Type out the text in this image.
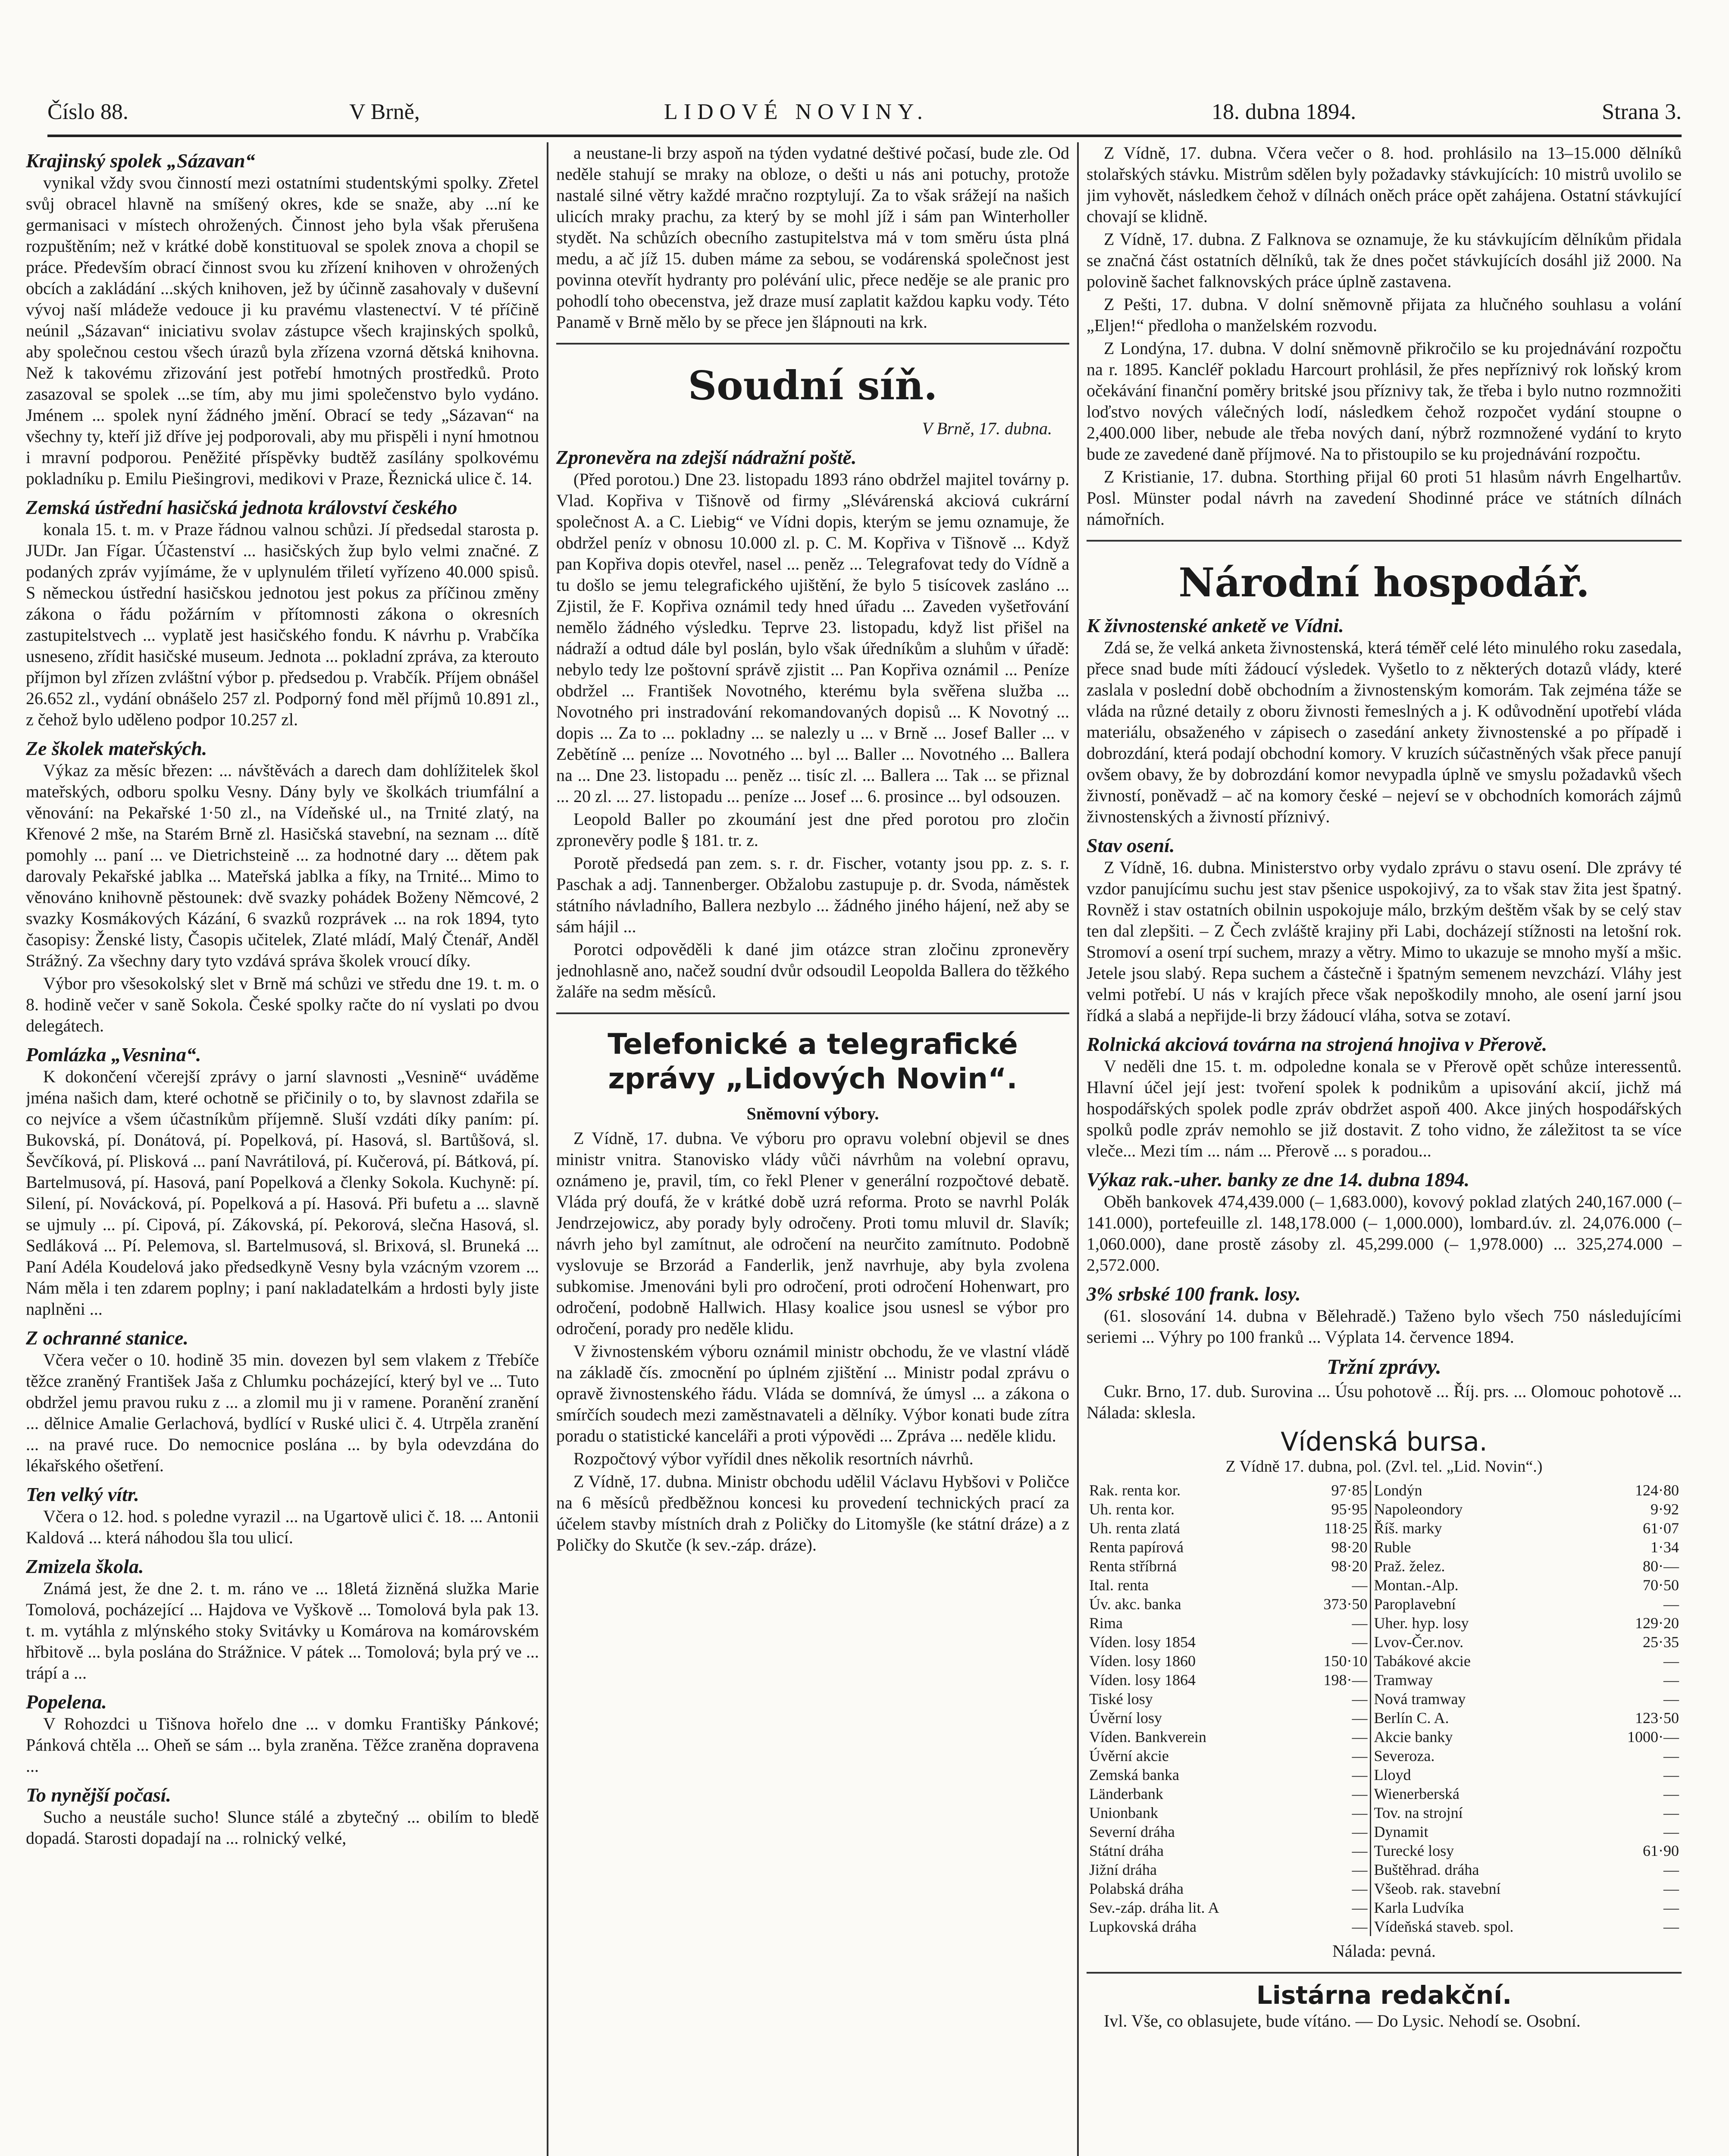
Číslo 88.	V Brně,	LIDOVÉ NOVINY.	18. dubna 1894.	Strana 3.
Krajinský spolek „Sázavan“

vynikal vždy svou činností mezi ostatními studentskými spolky. Zřetel svůj obracel hlavně na smíšený okres, kde se snaže, aby ...ní ke germanisaci v místech ohrožených. Činnost jeho byla však přerušena rozpuštěním; než v krátké době konstituoval se spolek znova a chopil se práce. Především obrací činnost svou ku zřízení knihoven v ohrožených obcích a zakládání ...ských knihoven, jež by účinně zasahovaly v duševní vývoj naší mládeže vedouce ji ku pravému vlastenectví. V té příčině neúnil „Sázavan“ iniciativu svolav zástupce všech krajinských spolků, aby společnou cestou všech úrazů byla zřízena vzorná dětská knihovna. Než k takovému zřizování jest potřebí hmotných prostředků. Proto zasazoval se spolek ...se tím, aby mu jimi společenstvo bylo vydáno. Jménem ... spolek nyní žádného jmění. Obrací se tedy „Sázavan“ na všechny ty, kteří již dříve jej podporovali, aby mu přispěli i nyní hmotnou i mravní podporou. Peněžité příspěvky budtěž zasílány spolkovému pokladníku p. Emilu Piešingrovi, medikovi v Praze, Řeznická ulice č. 14.

Zemská ústřední hasičská jednota království českého

konala 15. t. m. v Praze řádnou valnou schůzi. Jí předsedal starosta p. JUDr. Jan Fígar. Účastenství ... hasičských žup bylo velmi značné. Z podaných zpráv vyjímáme, že v uplynulém třiletí vyřízeno 40.000 spisů. S německou ústřední hasičskou jednotou jest pokus za příčinou změny zákona o řádu požárním v přítomnosti zákona o okresních zastupitelstvech ... vyplatě jest hasičského fondu. K návrhu p. Vrabčíka usneseno, zřídit hasičské museum. Jednota ... pokladní zpráva, za kterouto příjmon byl zřízen zvláštní výbor p. předsedou p. Vrabčík. Příjem obnášel 26.652 zl., vydání obnášelo 257 zl. Podporný fond měl příjmů 10.891 zl., z čehož bylo uděleno podpor 10.257 zl.

Ze školek mateřských.

Výkaz za měsíc březen: ... návštěvách a darech dam dohlížitelek škol mateřských, odboru spolku Vesny. Dány byly ve školkách triumfální a věnování: na Pekařské 1·50 zl., na Vídeňské ul., na Trnité zlatý, na Křenové 2 mše, na Starém Brně zl. Hasičská stavební, na seznam ... dítě pomohly ... paní ... ve Dietrichsteině ... za hodnotné dary ... dětem pak darovaly Pekařské jablka ... Mateřská jablka a fíky, na Trnité... Mimo to věnováno knihovně pěstounek: dvě svazky pohádek Boženy Němcové, 2 svazky Kosmákových Kázání, 6 svazků rozprávek ... na rok 1894, tyto časopisy: Ženské listy, Časopis učitelek, Zlaté mládí, Malý Čtenář, Anděl Strážný. Za všechny dary tyto vzdává správa školek vroucí díky.

Výbor pro všesokolský slet v Brně má schůzi ve středu dne 19. t. m. o 8. hodině večer v saně Sokola. České spolky račte do ní vyslati po dvou delegátech.

Pomlázka „Vesnina“.

K dokončení včerejší zprávy o jarní slavnosti „Vesnině“ uváděme jména našich dam, které ochotně se přičinily o to, by slavnost zdařila se co nejvíce a všem účastníkům příjemně. Sluší vzdáti díky paním: pí. Bukovská, pí. Donátová, pí. Popelková, pí. Hasová, sl. Bartůšová, sl. Ševčíková, pí. Plisková ... paní Navrátilová, pí. Kučerová, pí. Bátková, pí. Bartelmusová, pí. Hasová, paní Popelková a členky Sokola. Kuchyně: pí. Silení, pí. Novácková, pí. Popelková a pí. Hasová. Při bufetu a ... slavně se ujmuly ... pí. Cipová, pí. Zákovská, pí. Pekorová, slečna Hasová, sl. Sedláková ... Pí. Pelemova, sl. Bartelmusová, sl. Brixová, sl. Bruneká ... Paní Adéla Koudelová jako předsedkyně Vesny byla vzácným vzorem ... Nám měla i ten zdarem poplny; i paní nakladatelkám a hrdosti byly jiste naplněni ...

Z ochranné stanice.

Včera večer o 10. hodině 35 min. dovezen byl sem vlakem z Třebíče těžce zraněný František Jaša z Chlumku pocházející, který byl ve ... Tuto obdržel jemu pravou ruku z ... a zlomil mu ji v ramene. Poranění zranění ... dělnice Amalie Gerlachová, bydlící v Ruské ulici č. 4. Utrpěla zranění ... na pravé ruce. Do nemocnice poslána ... by byla odevzdána do lékařského ošetření.

Ten velký vítr.

Včera o 12. hod. s poledne vyrazil ... na Ugartově ulici č. 18. ... Antonii Kaldová ... která náhodou šla tou ulicí.

Zmizela škola.

Známá jest, že dne 2. t. m. ráno ve ... 18letá žizněná služka Marie Tomolová, pocházející ... Hajdova ve Vyškově ... Tomolová byla pak 13. t. m. vytáhla z mlýnského stoky Svitávky u Komárova na komárovském hřbitově ... byla poslána do Strážnice. V pátek ... Tomolová; byla prý ve ... trápí a ...

Popelena.

V Rohozdci u Tišnova hořelo dne ... v domku Františky Pánkové; Pánková chtěla ... Oheň se sám ... byla zraněna. Těžce zraněna dopravena ...

To nynější počasí.

Sucho a neustále sucho! Slunce stálé a zbytečný ... obilím to bledě dopadá. Starosti dopadají na ... rolnický velké,

a neustane-li brzy aspoň na týden vydatné deštivé počasí, bude zle. Od neděle stahují se mraky na obloze, o dešti u nás ani potuchy, protože nastalé silné větry každé mračno rozptylují. Za to však srážejí na našich ulicích mraky prachu, za který by se mohl jíž i sám pan Winterholler stydět. Na schůzích obecního zastupitelstva má v tom směru ústa plná medu, a ač jíž 15. duben máme za sebou, se vodárenská společnost jest povinna otevřít hydranty pro polévání ulic, přece neděje se ale pranic pro pohodlí toho obecenstva, jež draze musí zaplatit každou kapku vody. Této Panamě v Brně mělo by se přece jen šlápnouti na krk.

Soudní síň.
V Brně, 17. dubna.
Zpronevěra na zdejší nádražní poště.

(Před porotou.) Dne 23. listopadu 1893 ráno obdržel majitel továrny p. Vlad. Kopřiva v Tišnově od firmy „Slévárenská akciová cukrární společnost A. a C. Liebig“ ve Vídni dopis, kterým se jemu oznamuje, že obdržel peníz v obnosu 10.000 zl. p. C. M. Kopřiva v Tišnově ... Když pan Kopřiva dopis otevřel, nasel ... peněz ... Telegrafovat tedy do Vídně a tu došlo se jemu telegrafického ujištění, že bylo 5 tisícovek zasláno ... Zjistil, že F. Kopřiva oznámil tedy hned úřadu ... Zaveden vyšetřování nemělo žádného výsledku. Teprve 23. listopadu, když list přišel na nádraží a odtud dále byl poslán, bylo však úředníkům a sluhům v úřadě: nebylo tedy lze poštovní správě zjistit ... Pan Kopřiva oznámil ... Peníze obdržel ... František Novotného, kterému byla svěřena služba ... Novotného pri instradování rekomandovaných dopisů ... K Novotný ... dopis ... Za to ... pokladny ... se nalezly u ... v Brně ... Josef Baller ... v Zebětíně ... peníze ... Novotného ... byl ... Baller ... Novotného ... Ballera na ... Dne 23. listopadu ... peněz ... tisíc zl. ... Ballera ... Tak ... se přiznal ... 20 zl. ... 27. listopadu ... peníze ... Josef ... 6. prosince ... byl odsouzen.

Leopold Baller po zkoumání jest dne před porotou pro zločin zpronevěry podle § 181. tr. z.

Porotě předsedá pan zem. s. r. dr. Fischer, votanty jsou pp. z. s. r. Paschak a adj. Tannenberger. Obžalobu zastupuje p. dr. Svoda, náměstek státního návladního, Ballera nezbylo ... žádného jiného hájení, než aby se sám hájil ...

Porotci odpověděli k dané jim otázce stran zločinu zpronevěry jednohlasně ano, načež soudní dvůr odsoudil Leopolda Ballera do těžkého žaláře na sedm měsíců.

Telefonické a telegrafické zprávy „Lidových Novin“.
Sněmovní výbory.

Z Vídně, 17. dubna. Ve výboru pro opravu volební objevil se dnes ministr vnitra. Stanovisko vlády vůči návrhům na volební opravu, oznámeno je, pravil, tím, co řekl Plener v generální rozpočtové debatě. Vláda prý doufá, že v krátké době uzrá reforma. Proto se navrhl Polák Jendrzejowicz, aby porady byly odročeny. Proti tomu mluvil dr. Slavík; návrh jeho byl zamítnut, ale odročení na neurčito zamítnuto. Podobně vyslovuje se Brzorád a Fanderlik, jenž navrhuje, aby byla zvolena subkomise. Jmenováni byli pro odročení, proti odročení Hohenwart, pro odročení, podobně Hallwich. Hlasy koalice jsou usnesl se výbor pro odročení, porady pro neděle klidu.

V živnostenském výboru oznámil ministr obchodu, že ve vlastní vládě na základě čís. zmocnění po úplném zjištění ... Ministr podal zprávu o opravě živnostenského řádu. Vláda se domnívá, že úmysl ... a zákona o smírčích soudech mezi zaměstnavateli a dělníky. Výbor konati bude zítra poradu o statistické kanceláři a proti výpovědi ... Zpráva ... neděle klidu.

Rozpočtový výbor vyřídil dnes několik resortních návrhů.

Z Vídně, 17. dubna. Ministr obchodu udělil Václavu Hybšovi v Poličce na 6 měsíců předběžnou koncesi ku provedení technických prací za účelem stavby místních drah z Poličky do Litomyšle (ke státní dráze) a z Poličky do Skutče (k sev.-záp. dráze).

Z Vídně, 17. dubna. Včera večer o 8. hod. prohlásilo na 13–15.000 dělníků stolařských stávku. Mistrům sdělen byly požadavky stávkujících: 10 mistrů uvolilo se jim vyhovět, následkem čehož v dílnách oněch práce opět zahájena. Ostatní stávkující chovají se klidně.

Z Vídně, 17. dubna. Z Falknova se oznamuje, že ku stávkujícím dělníkům přidala se značná část ostatních dělníků, tak že dnes počet stávkujících dosáhl již 2000. Na polovině šachet falknovských práce úplně zastavena.

Z Pešti, 17. dubna. V dolní sněmovně přijata za hlučného souhlasu a volání „Eljen!“ předloha o manželském rozvodu.

Z Londýna, 17. dubna. V dolní sněmovně přikročilo se ku projednávání rozpočtu na r. 1895. Kancléř pokladu Harcourt prohlásil, že přes nepříznivý rok loňský krom očekávání finanční poměry britské jsou příznivy tak, že třeba i bylo nutno rozmnožiti loďstvo nových válečných lodí, následkem čehož rozpočet vydání stoupne o 2,400.000 liber, nebude ale třeba nových daní, nýbrž rozmnožené vydání to kryto bude ze zavedené daně příjmové. Na to přistoupilo se ku projednávání rozpočtu.

Z Kristianie, 17. dubna. Storthing přijal 60 proti 51 hlasům návrh Engelhartův. Posl. Münster podal návrh na zavedení Shodinné práce ve státních dílnách námořních.

Národní hospodář.
K živnostenské anketě ve Vídni.

Zdá se, že velká anketa živnostenská, která téměř celé léto minulého roku zasedala, přece snad bude míti žádoucí výsledek. Vyšetlo to z některých dotazů vlády, které zaslala v poslední době obchodním a živnostenským komorám. Tak zejména táže se vláda na různé detaily z oboru živnosti řemeslných a j. K odůvodnění upotřebí vláda materiálu, obsaženého v zápisech o zasedání ankety živnostenské a po případě i dobrozdání, která podají obchodní komory. V kruzích súčastněných však přece panují ovšem obavy, že by dobrozdání komor nevypadla úplně ve smyslu požadavků všech živností, poněvadž – ač na komory české – nejeví se v obchodních komorách zájmů živnostenských a živností příznivý.

Stav osení.

Z Vídně, 16. dubna. Ministerstvo orby vydalo zprávu o stavu osení. Dle zprávy té vzdor panujícímu suchu jest stav pšenice uspokojivý, za to však stav žita jest špatný. Rovněž i stav ostatních obilnin uspokojuje málo, brzkým deštěm však by se celý stav ten dal zlepšiti. – Z Čech zvláště krajiny při Labi, docházejí stížnosti na letošní rok. Stromoví a osení trpí suchem, mrazy a větry. Mimo to ukazuje se mnoho myší a mšic. Jetele jsou slabý. Repa suchem a částečně i špatným semenem nevzchází. Vláhy jest velmi potřebí. U nás v krajích přece však nepoškodily mnoho, ale osení jarní jsou řídká a slabá a nepřijde-li brzy žádoucí vláha, sotva se zotaví.

Rolnická akciová továrna na strojená hnojiva v Přerově.

V neděli dne 15. t. m. odpoledne konala se v Přerově opět schůze interessentů. Hlavní účel její jest: tvoření spolek k podnikům a upisování akcií, jichž má hospodářských spolek podle zpráv obdržet aspoň 400. Akce jiných hospodářských spolků podle zpráv nemohlo se již dostavit. Z toho vidno, že záležitost ta se více vleče... Mezi tím ... nám ... Přerově ... s poradou...

Výkaz rak.-uher. banky ze dne 14. dubna 1894.

Oběh bankovek 474,439.000 (– 1,683.000), kovový poklad zlatých 240,167.000 (– 141.000), portefeuille zl. 148,178.000 (– 1,000.000), lombard.úv. zl. 24,076.000 (– 1,060.000), dane prostě zásoby zl. 45,299.000 (– 1,978.000) ... 325,274.000 – 2,572.000.

3% srbské 100 frank. losy.

(61. slosování 14. dubna v Bělehradě.) Taženo bylo všech 750 následujícími seriemi ... Výhry po 100 franků ... Výplata 14. července 1894.

Tržní zprávy.

Cukr. Brno, 17. dub. Surovina ... Úsu pohotově ... Říj. prs. ... Olomouc pohotově ... Nálada: sklesla.

Vídenská bursa.
Z Vídně 17. dubna, pol. (Zvl. tel. „Lid. Novin“.)
Rak. renta kor.	97·85	Londýn	124·80
Uh. renta kor.	95·95	Napoleondory	9·92
Uh. renta zlatá	118·25	Říš. marky	61·07
Renta papírová	98·20	Ruble	1·34
Renta stříbrná	98·20	Praž. želez.	80·—
Ital. renta	—	Montan.-Alp.	70·50
Úv. akc. banka	373·50	Paroplavební	—
Rima	—	Uher. hyp. losy	129·20
Víden. losy 1854	—	Lvov-Čer.nov.	25·35
Víden. losy 1860	150·10	Tabákové akcie	—
Víden. losy 1864	198·—	Tramway	—
Tiské losy	—	Nová tramway	—
Úvěrní losy	—	Berlín C. A.	123·50
Víden. Bankverein	—	Akcie banky	1000·—
Úvěrní akcie	—	Severoza.	—
Zemská banka	—	Lloyd	—
Länderbank	—	Wienerberská	—
Unionbank	—	Tov. na strojní	—
Severní dráha	—	Dynamit	—
Státní dráha	—	Turecké losy	61·90
Jižní dráha	—	Buštěhrad. dráha	—
Polabská dráha	—	Všeob. rak. stavební	—
Sev.-záp. dráha lit. A	—	Karla Ludvíka	—
Lupkovská dráha	—	Vídeňská staveb. spol.	—
Nálada: pevná.
Listárna redakční.

Ivl. Vše, co oblasujete, bude vítáno. — Do Lysic. Nehodí se. Osobní.
